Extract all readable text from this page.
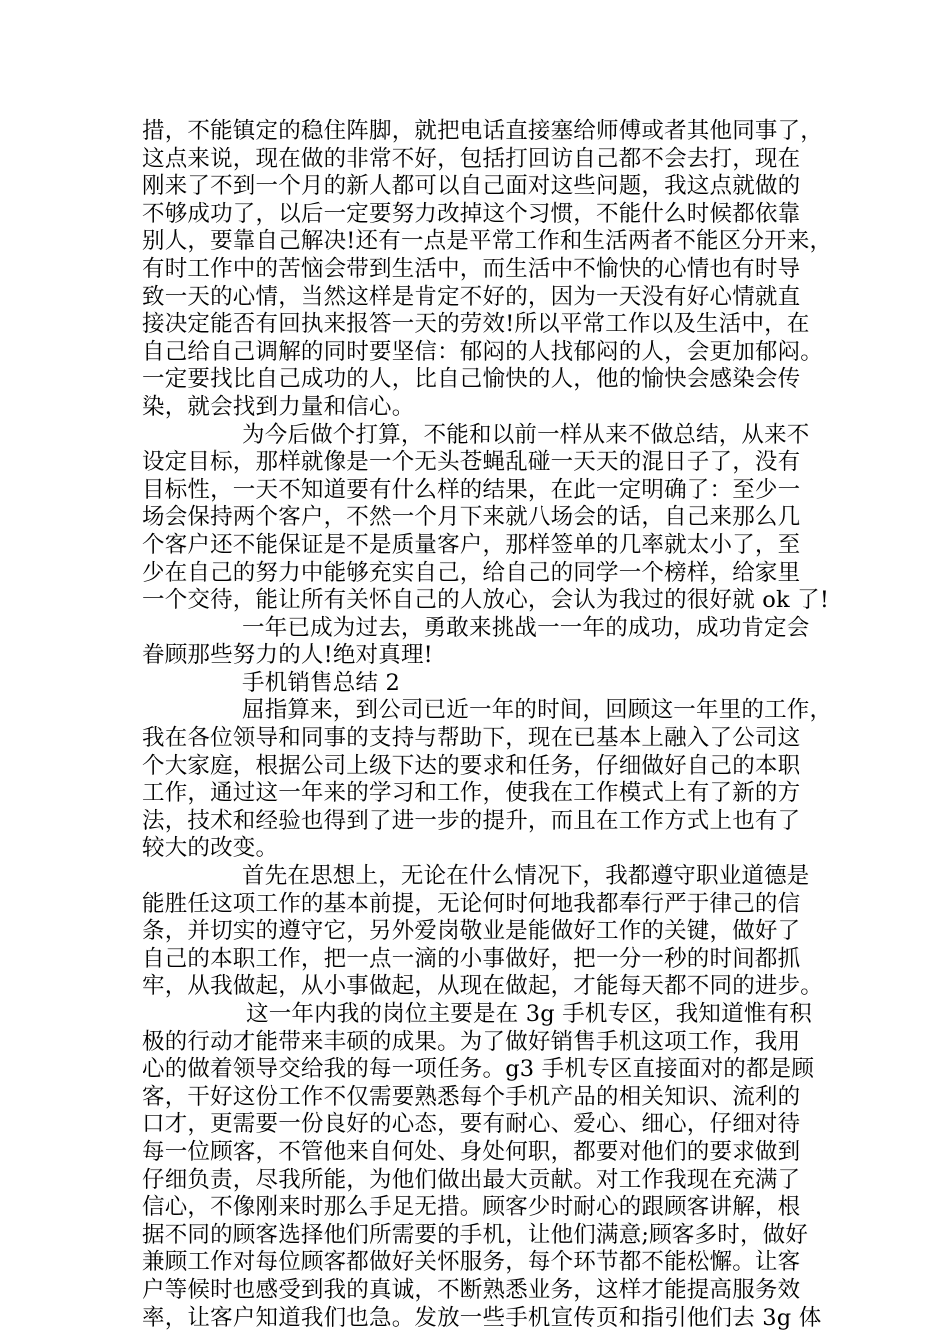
措，不能镇定的稳住阵脚，就把电话直接塞给师傅或者其他同事了，
这点来说，现在做的非常不好，包括打回访自己都不会去打，现在
刚来了不到一个月的新人都可以自己面对这些问题，我这点就做的
不够成功了，以后一定要努力改掉这个习惯，不能什么时候都依靠
别人，要靠自己解决!还有一点是平常工作和生活两者不能区分开来，
有时工作中的苦恼会带到生活中，而生活中不愉快的心情也有时导
致一天的心情，当然这样是肯定不好的，因为一天没有好心情就直
接决定能否有回执来报答一天的劳效!所以平常工作以及生活中，在
自己给自己调解的同时要坚信：郁闷的人找郁闷的人，会更加郁闷。
一定要找比自己成功的人，比自己愉快的人，他的愉快会感染会传
染，就会找到力量和信心。
为今后做个打算，不能和以前一样从来不做总结，从来不
设定目标，那样就像是一个无头苍蝇乱碰一天天的混日子了，没有
目标性，一天不知道要有什么样的结果，在此一定明确了：至少一
场会保持两个客户，不然一个月下来就八场会的话，自己来那么几
个客户还不能保证是不是质量客户，那样签单的几率就太小了，至
少在自己的努力中能够充实自己，给自己的同学一个榜样，给家里
一个交待，能让所有关怀自己的人放心，会认为我过的很好就 ok 了!
一年已成为过去，勇敢来挑战一一年的成功，成功肯定会
眷顾那些努力的人!绝对真理!
手机销售总结 2
屈指算来，到公司已近一年的时间，回顾这一年里的工作，
我在各位领导和同事的支持与帮助下，现在已基本上融入了公司这
个大家庭，根据公司上级下达的要求和任务，仔细做好自己的本职
工作，通过这一年来的学习和工作，使我在工作模式上有了新的方
法，技术和经验也得到了进一步的提升，而且在工作方式上也有了
较大的改变。
首先在思想上，无论在什么情况下，我都遵守职业道德是
能胜任这项工作的基本前提，无论何时何地我都奉行严于律己的信
条，并切实的遵守它，另外爱岗敬业是能做好工作的关键，做好了
自己的本职工作，把一点一滴的小事做好，把一分一秒的时间都抓
牢，从我做起，从小事做起，从现在做起，才能每天都不同的进步。
这一年内我的岗位主要是在 3g 手机专区，我知道惟有积
极的行动才能带来丰硕的成果。为了做好销售手机这项工作，我用
心的做着领导交给我的每一项任务。g3 手机专区直接面对的都是顾
客，干好这份工作不仅需要熟悉每个手机产品的相关知识、流利的
口才，更需要一份良好的心态，要有耐心、爱心、细心，仔细对待
每一位顾客，不管他来自何处、身处何职，都要对他们的要求做到
仔细负责，尽我所能，为他们做出最大贡献。对工作我现在充满了
信心，不像刚来时那么手足无措。顾客少时耐心的跟顾客讲解，根
据不同的顾客选择他们所需要的手机，让他们满意;顾客多时，做好
兼顾工作对每位顾客都做好关怀服务，每个环节都不能松懈。让客
户等候时也感受到我的真诚，不断熟悉业务，这样才能提高服务效
率，让客户知道我们也急。发放一些手机宣传页和指引他们去 3g 体
